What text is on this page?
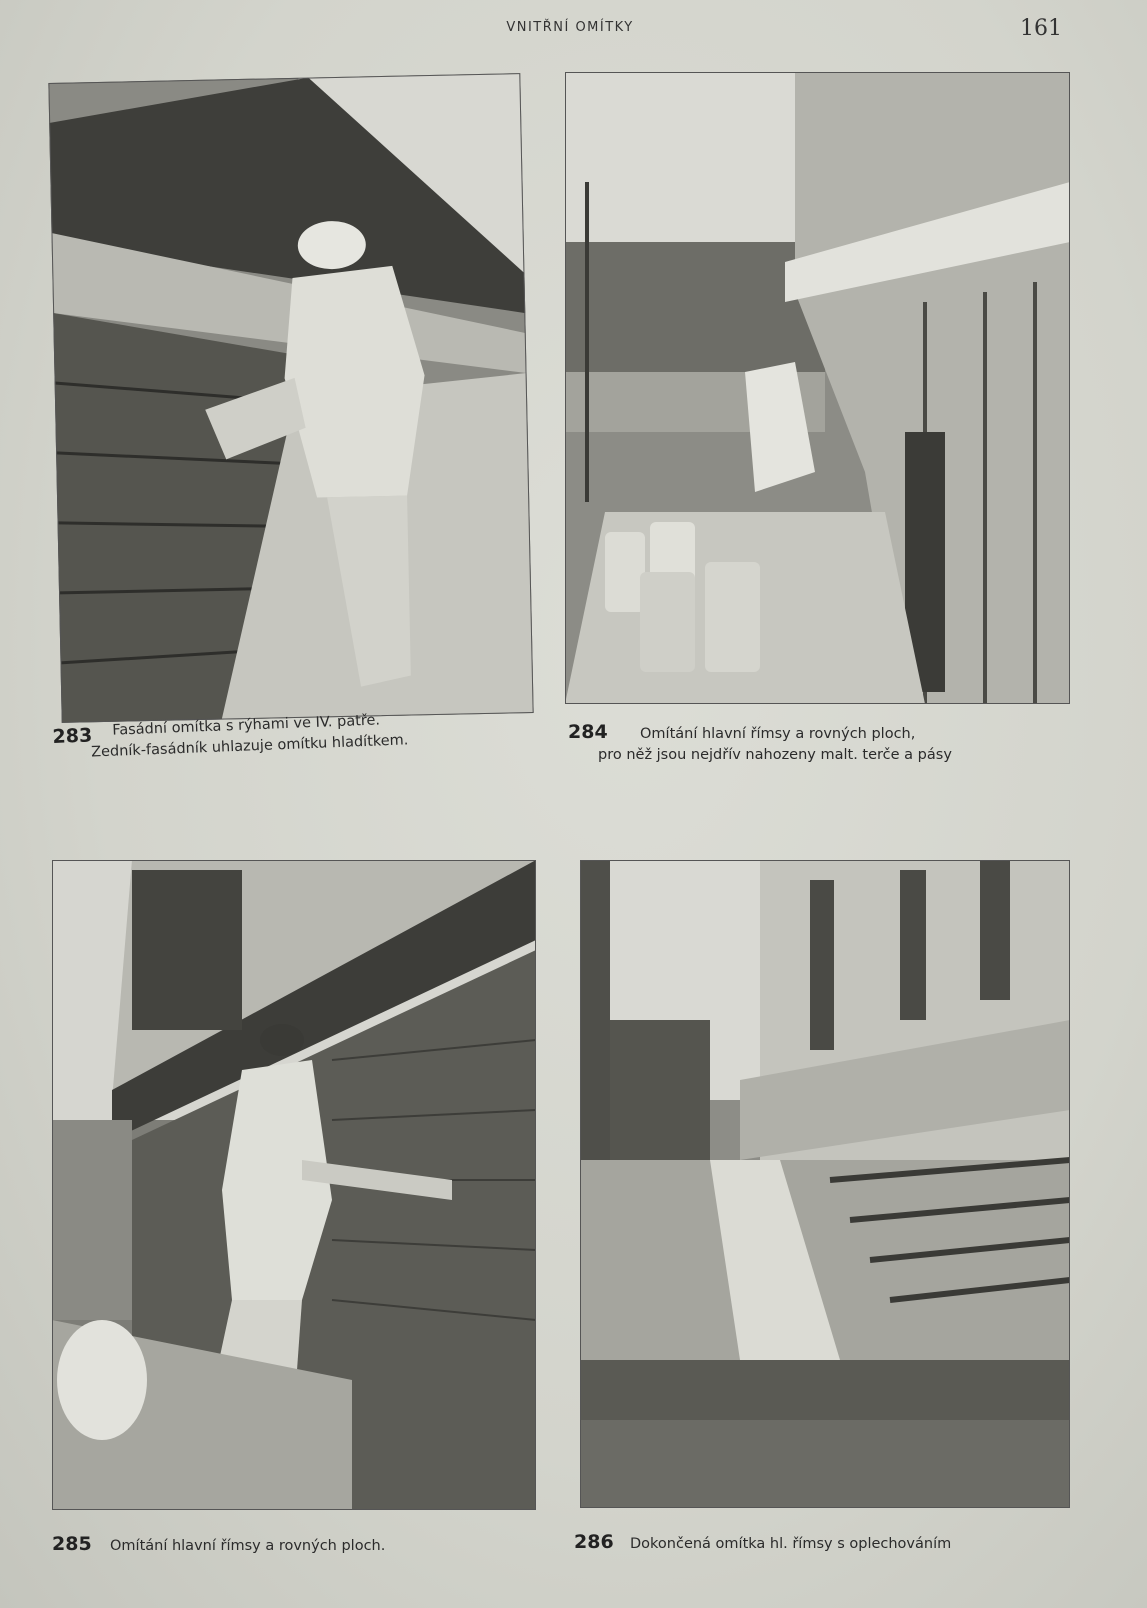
VNITŘNÍ OMÍTKY	161
283	Fasádní omítka s rýhami ve IV. patře.
Zedník-fasádník uhlazuje omítku hladítkem.
284	Omítání hlavní římsy a rovných ploch,
pro něž jsou nejdřív nahozeny malt. terče a pásy
285	Omítání hlavní římsy a rovných ploch.	286	Dokončená omítka hl. římsy s oplechováním
